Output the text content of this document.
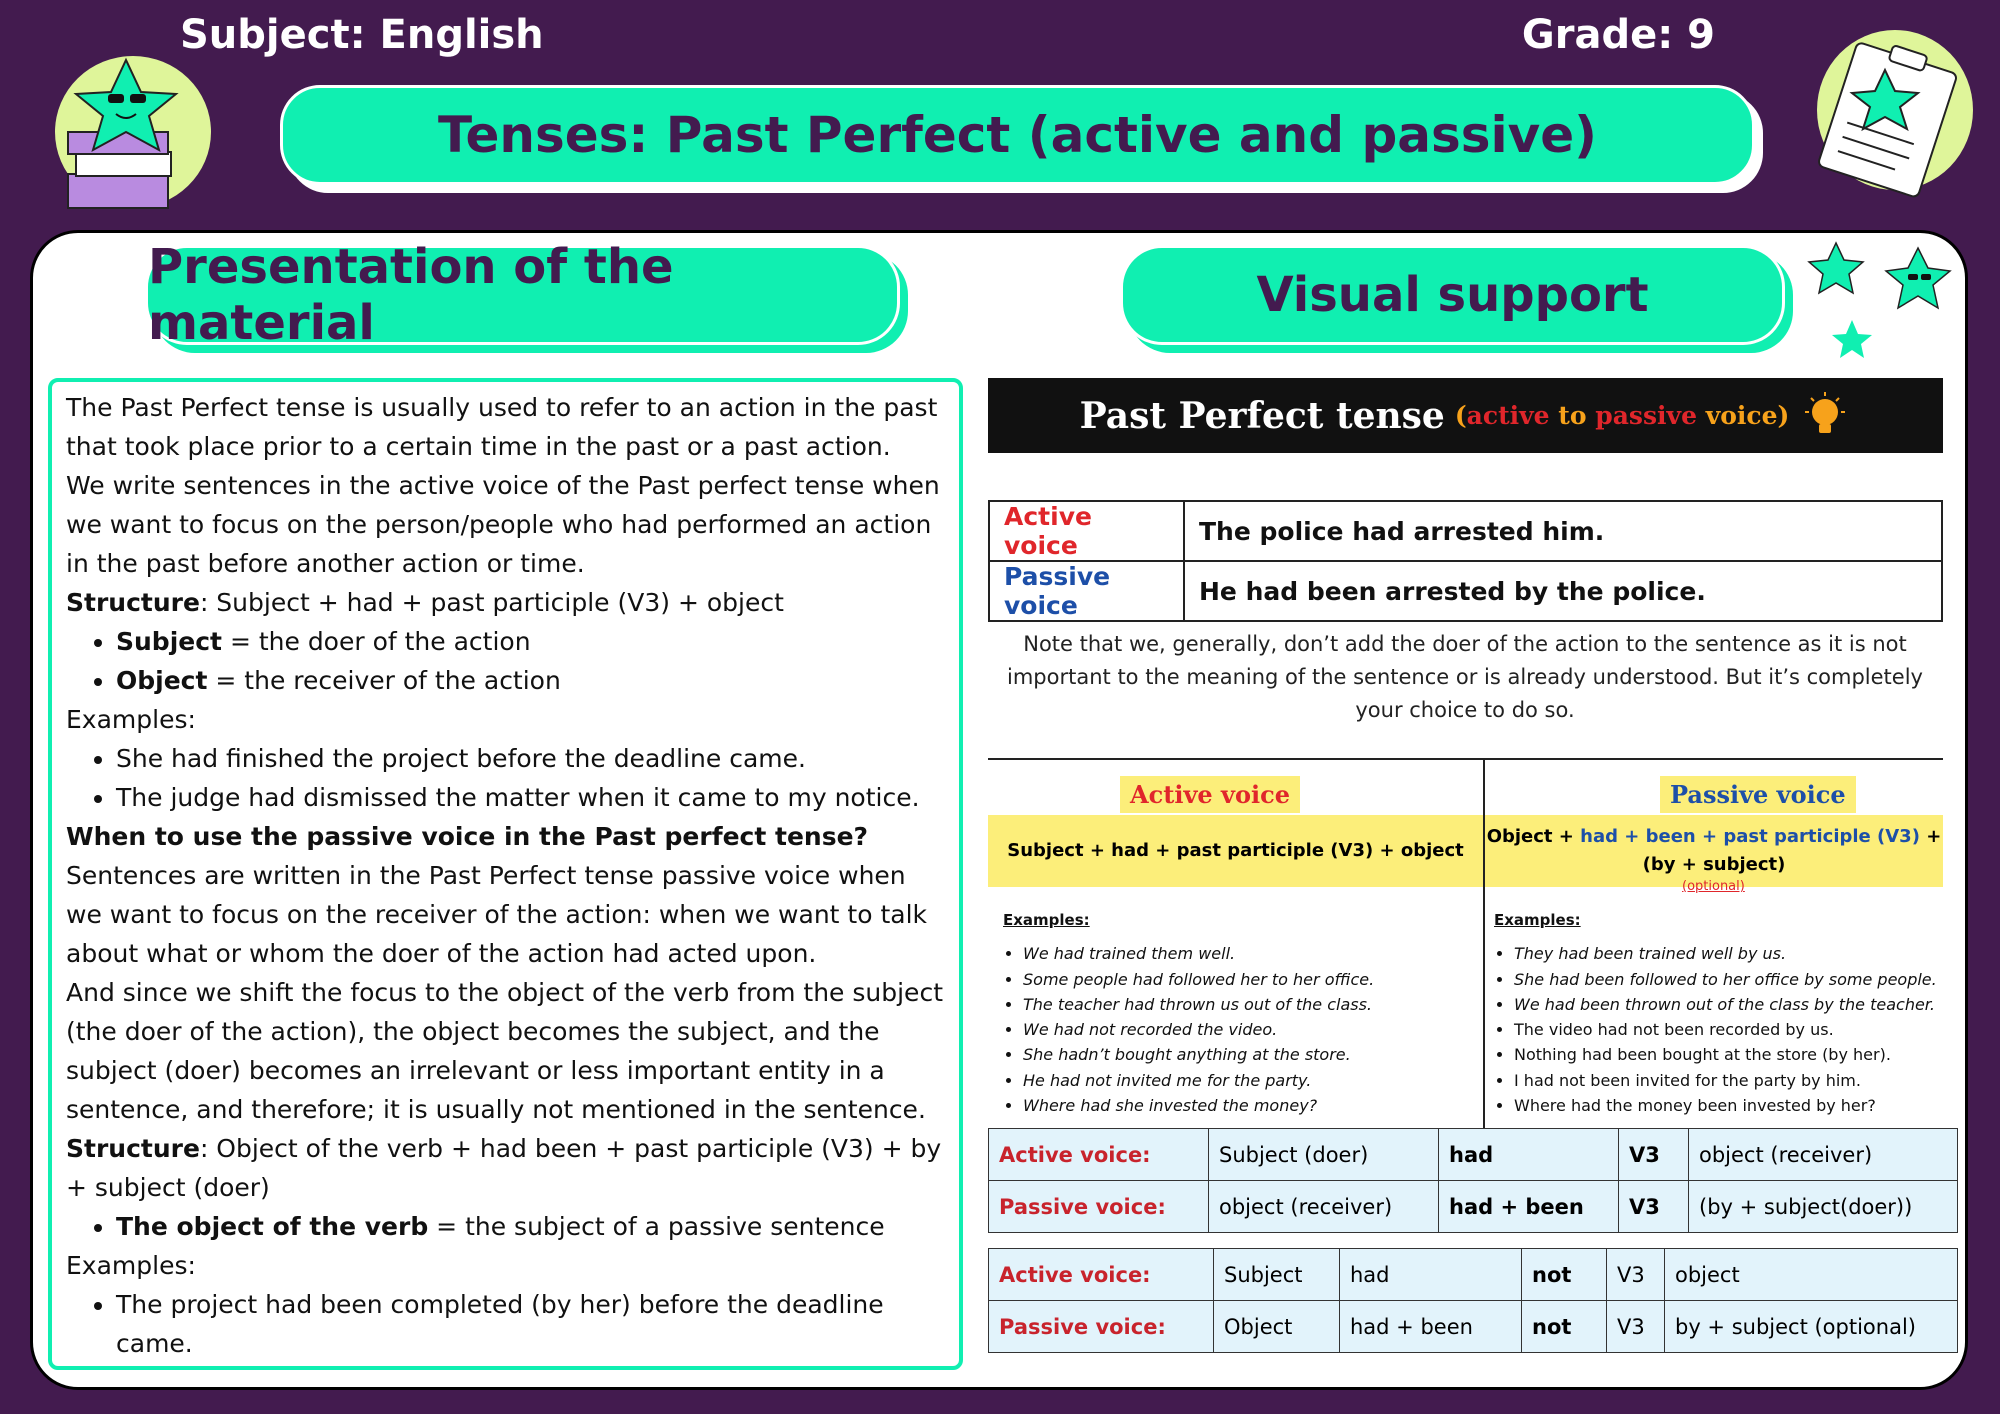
Subject: English	Grade: 9
Tenses: Past Perfect (active and passive)
Presentation of the material	Visual support

The Past Perfect tense is usually used to refer to an action in the past that took place prior to a certain time in the past or a past action.

We write sentences in the active voice of the Past perfect tense when we want to focus on the person/people who had performed an action in the past before another action or time.

Structure: Subject + had + past participle (V3) + object

• Subject = the doer of the action
• Object = the receiver of the action

Examples:

• She had finished the project before the deadline came.
• The judge had dismissed the matter when it came to my notice.

When to use the passive voice in the Past perfect tense?

Sentences are written in the Past Perfect tense passive voice when we want to focus on the receiver of the action: when we want to talk about what or whom the doer of the action had acted upon.

And since we shift the focus to the object of the verb from the subject (the doer of the action), the object becomes the subject, and the subject (doer) becomes an irrelevant or less important entity in a sentence, and therefore; it is usually not mentioned in the sentence.

Structure: Object of the verb + had been + past participle (V3) + by + subject (doer)

• The object of the verb = the subject of a passive sentence

Examples:

• The project had been completed (by her) before the deadline came.
Past Perfect tense (active to passive voice)
Active voice	The police had arrested him.
Passive voice	He had been arrested by the police.
Note that we, generally, don’t add the doer of the action to the sentence as it is not important to the meaning of the sentence or is already understood. But it’s completely your choice to do so.
Subject + had + past participle (V3) + object
Active voice
Object + had + been + past participle (V3) +
(by + subject)
Passive voice
(optional)
Examples:
• We had trained them well.
• Some people had followed her to her office.
• The teacher had thrown us out of the class.
• We had not recorded the video.
• She hadn’t bought anything at the store.
• He had not invited me for the party.
• Where had she invested the money?
Examples:
• They had been trained well by us.
• She had been followed to her office by some people.
• We had been thrown out of the class by the teacher.
• The video had not been recorded by us.
• Nothing had been bought at the store (by her).
• I had not been invited for the party by him.
• Where had the money been invested by her?
Active voice:	Subject (doer)	had	V3	object (receiver)
Passive voice:	object (receiver)	had + been	V3	(by + subject(doer))
Active voice:	Subject	had	not	V3	object
Passive voice:	Object	had + been	not	V3	by + subject (optional)
